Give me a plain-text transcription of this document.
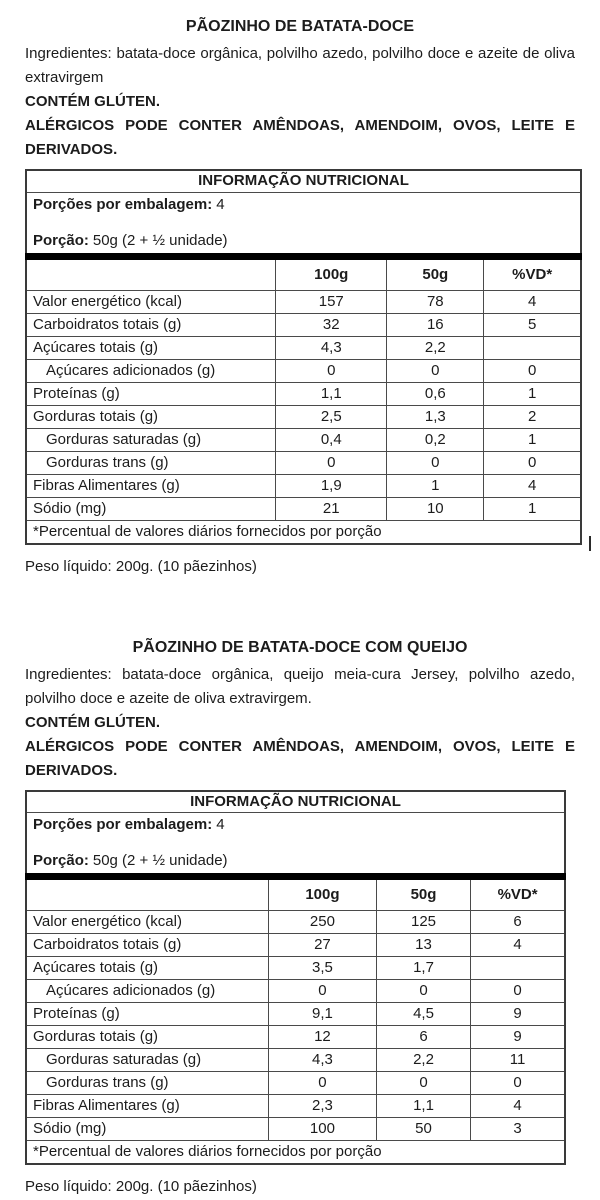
PÃOZINHO DE BATATA-DOCE

Ingredientes: batata-doce orgânica, polvilho azedo, polvilho doce e azeite de oliva extravirgem

CONTÉM GLÚTEN.

ALÉRGICOS PODE CONTER AMÊNDOAS, AMENDOIM, OVOS, LEITE E DERIVADOS.

INFORMAÇÃO NUTRICIONAL			

Porções por embalagem: 4
Porção: 50g (2 + ½ unidade)			

	100g	50g	%VD*
Valor energético (kcal)	157	78	4
Carboidratos totais (g)	32	16	5
Açúcares totais (g)	4,3	2,2	
Açúcares adicionados (g)	0	0	0
Proteínas (g)	1,1	0,6	1
Gorduras totais (g)	2,5	1,3	2
Gorduras saturadas (g)	0,4	0,2	1
Gorduras trans (g)	0	0	0
Fibras Alimentares (g)	1,9	1	4
Sódio (mg)	21	10	1
*Percentual de valores diários fornecidos por porção			

Peso líquido: 200g. (10 pãezinhos)

PÃOZINHO DE BATATA-DOCE COM QUEIJO

Ingredientes: batata-doce orgânica, queijo meia-cura Jersey, polvilho azedo, polvilho doce e azeite de oliva extravirgem.

CONTÉM GLÚTEN.

ALÉRGICOS PODE CONTER AMÊNDOAS, AMENDOIM, OVOS, LEITE E DERIVADOS.

INFORMAÇÃO NUTRICIONAL			

Porções por embalagem: 4
Porção: 50g (2 + ½ unidade)			

	100g	50g	%VD*
Valor energético (kcal)	250	125	6
Carboidratos totais (g)	27	13	4
Açúcares totais (g)	3,5	1,7	
Açúcares adicionados (g)	0	0	0
Proteínas (g)	9,1	4,5	9
Gorduras totais (g)	12	6	9
Gorduras saturadas (g)	4,3	2,2	11
Gorduras trans (g)	0	0	0
Fibras Alimentares (g)	2,3	1,1	4
Sódio (mg)	100	50	3
*Percentual de valores diários fornecidos por porção			

Peso líquido: 200g. (10 pãezinhos)
